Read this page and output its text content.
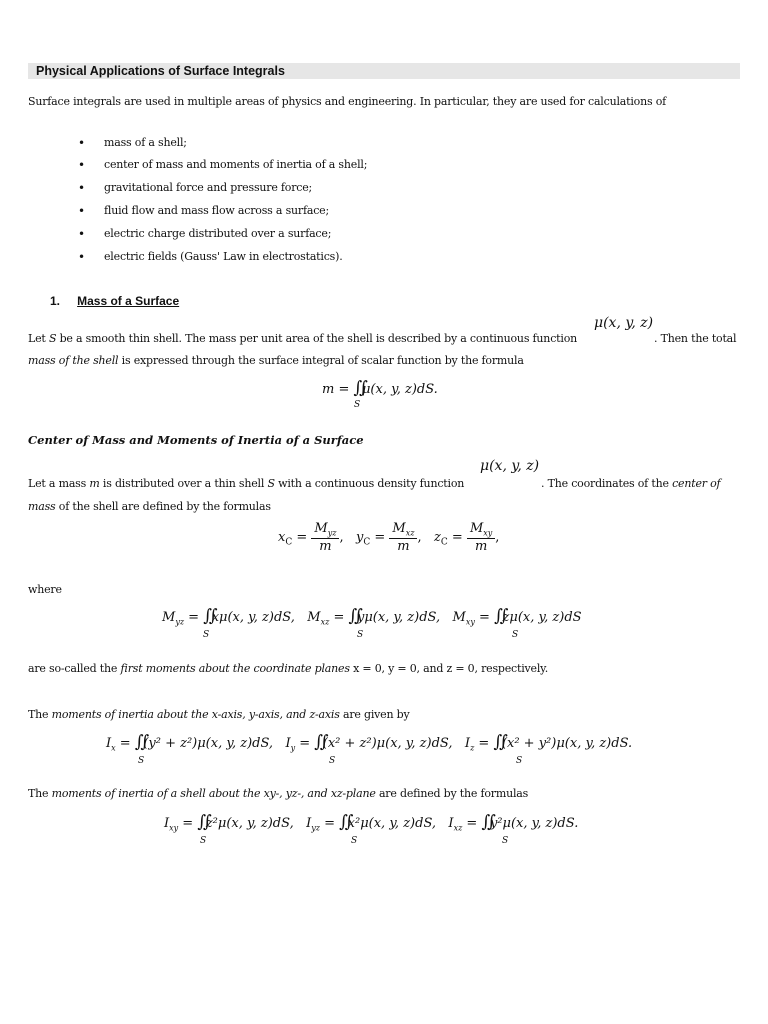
Physical Applications of Surface Integrals
Surface integrals are used in multiple areas of physics and engineering. In particular, they are used for calculations of
• mass of a shell;
• center of mass and moments of inertia of a shell;
• gravitational force and pressure force;
• fluid flow and mass flow across a surface;
• electric charge distributed over a surface;
• electric fields (Gauss' Law in electrostatics).
1. Mass of a Surface
μ(x, y, z)
Let S be a smooth thin shell. The mass per unit area of the shell is described by a continuous function	. Then the total
mass of the shell is expressed through the surface integral of scalar function by the formula
m = ∬μ(x, y, z)dS.
S
Center of Mass and Moments of Inertia of a Surface
μ(x, y, z)
Let a mass m is distributed over a thin shell S with a continuous density function	. The coordinates of the center of
mass of the shell are defined by the formulas
$x_C = \frac{M_{yz}}{m}$ ,   $y_C = \frac{M_{xz}}{m}$ ,   $z_C = \frac{M_{xy}}{m}$ ,
where
$M_{yz}$ = ∬xμ(x, y, z)dS, $M_{xz}$ = ∬yμ(x, y, z)dS, $M_{xy}$ = ∬zμ(x, y, z)dS
S	S	S
are so-called the first moments about the coordinate planes x = 0, y = 0, and z = 0, respectively.
The moments of inertia about the x-axis, y-axis, and z-axis are given by
$I_x$ = ∬(y² + z²)μ(x, y, z)dS, $I_y$ = ∬(x² + z²)μ(x, y, z)dS, $I_z$ = ∬(x² + y²)μ(x, y, z)dS.
S	S	S
The moments of inertia of a shell about the xy-, yz-, and xz-plane are defined by the formulas
$I_{xy}$ = ∬z²μ(x, y, z)dS, $I_{yz}$ = ∬x²μ(x, y, z)dS, $I_{xz}$ = ∬y²μ(x, y, z)dS.
S	S	S
